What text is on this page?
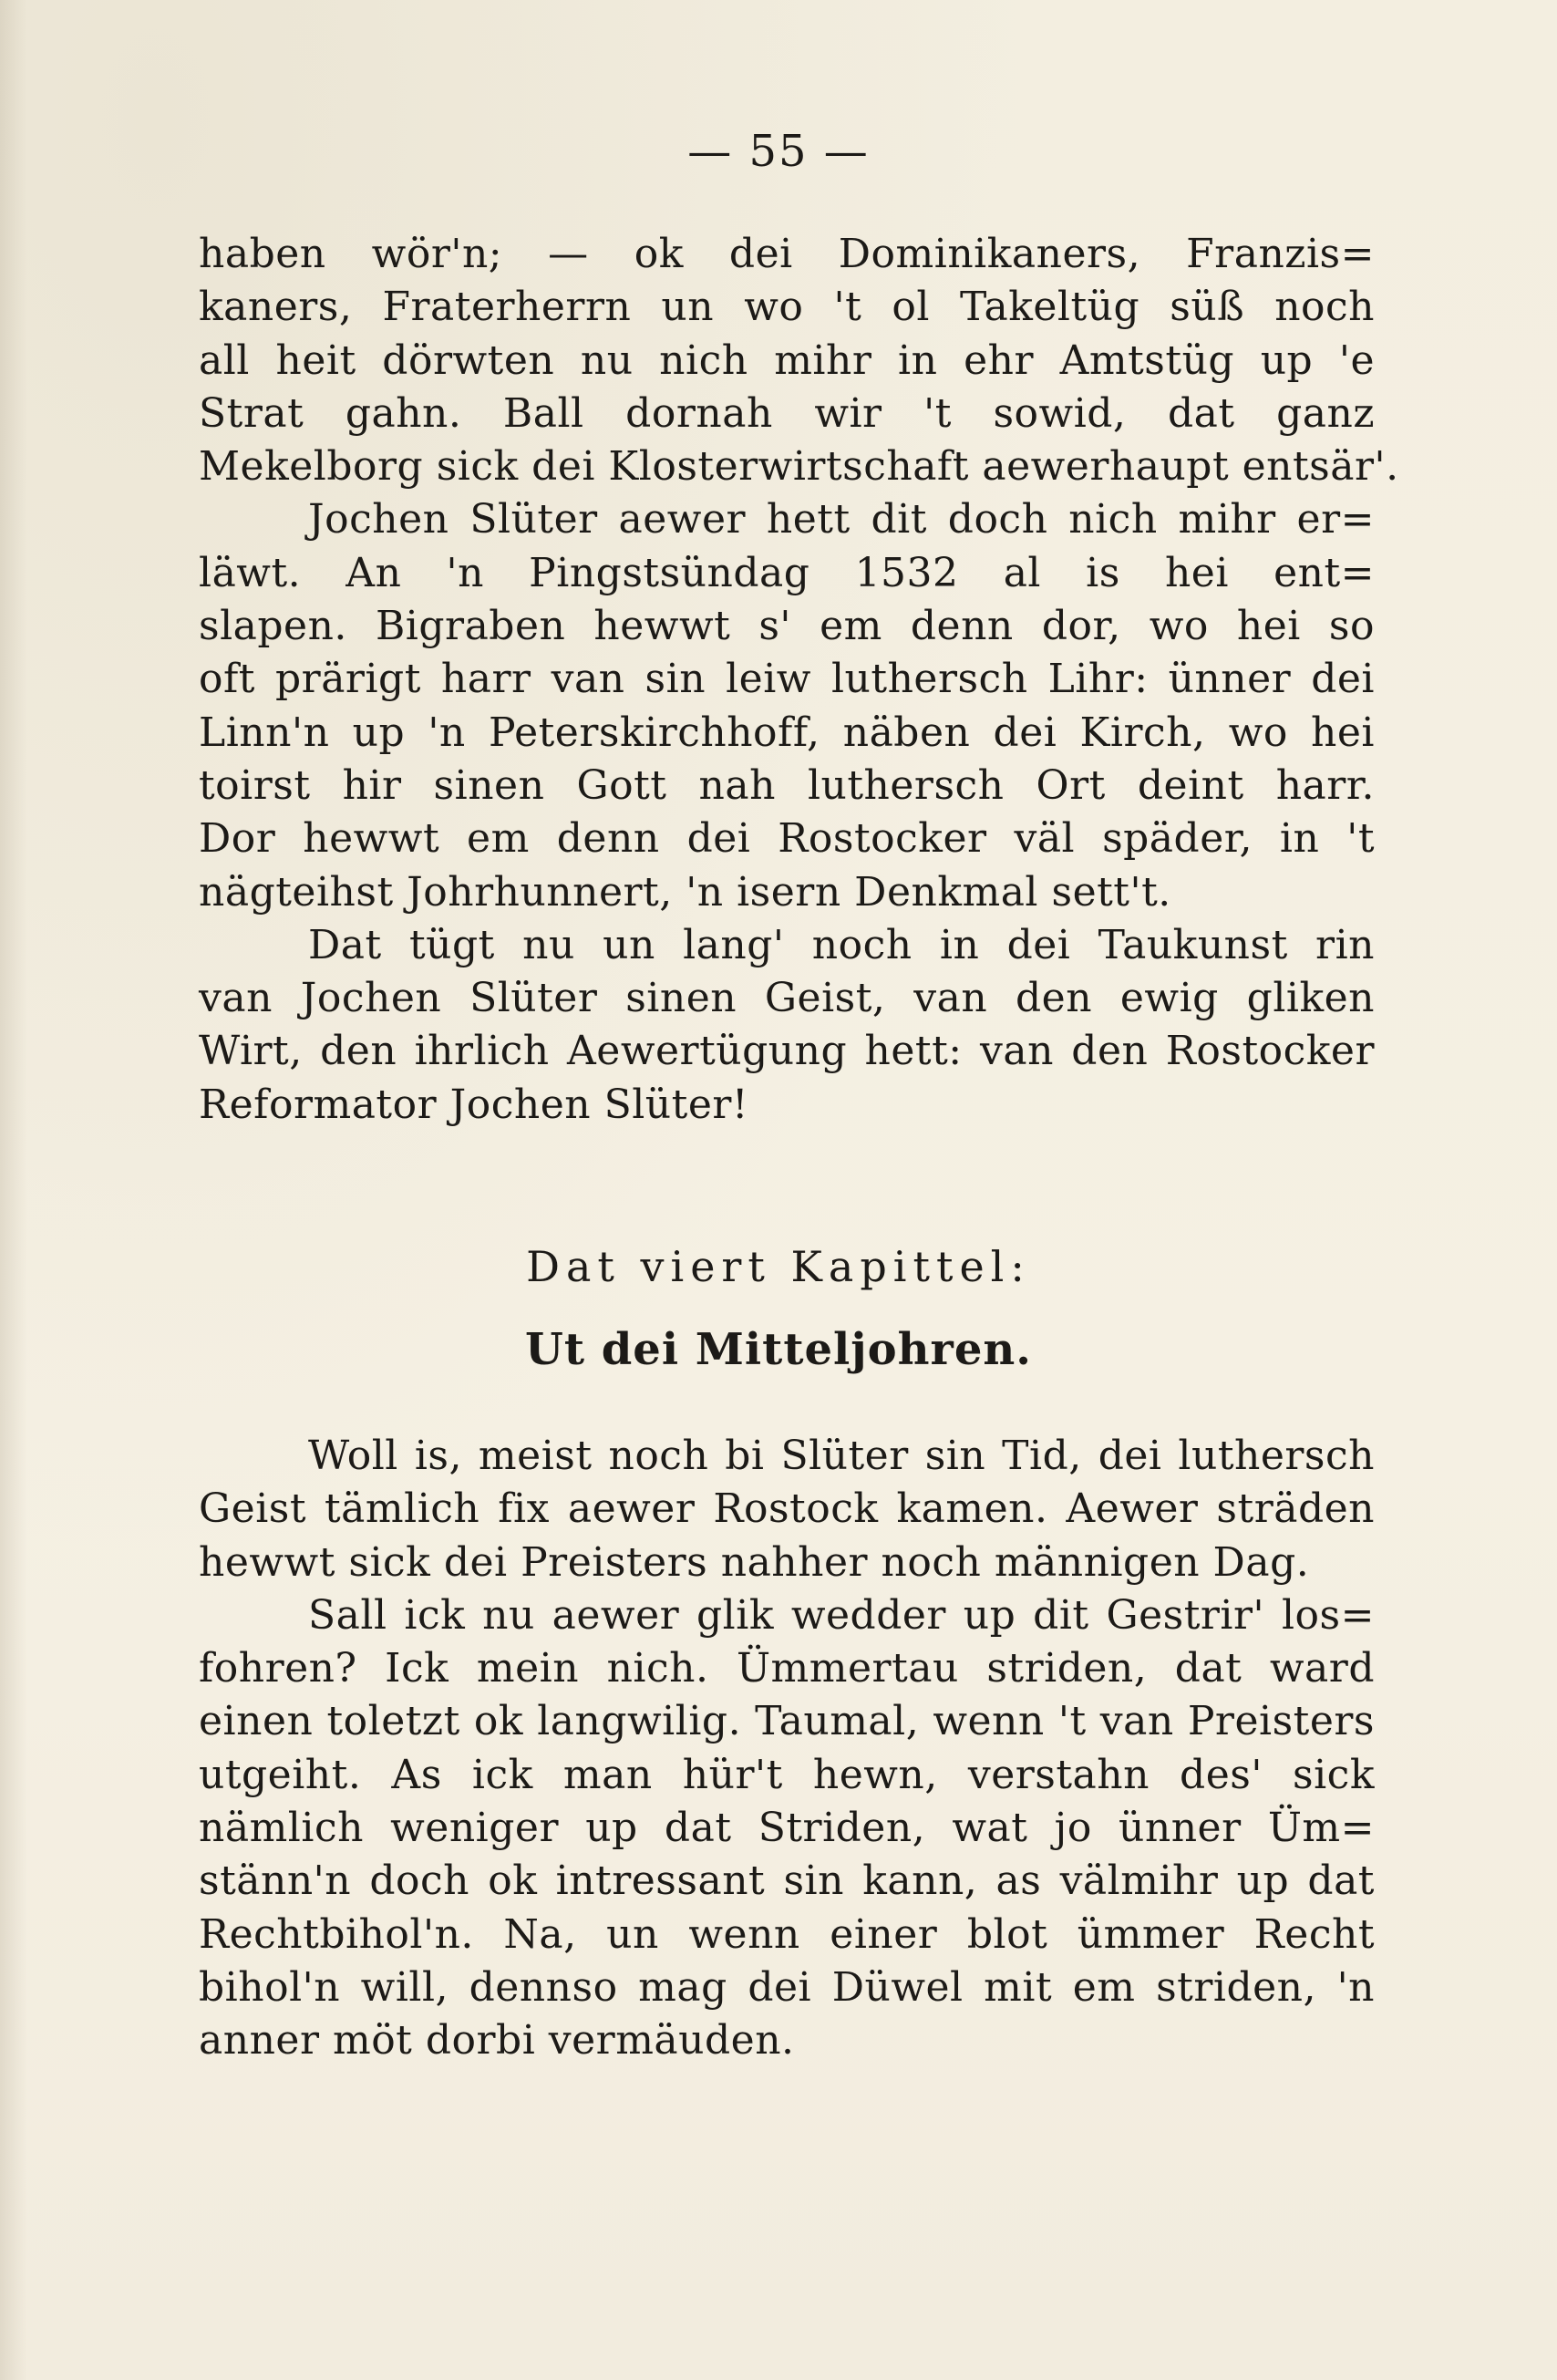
— 55 —
haben wör'n; — ok dei Dominikaners, Franzis=
kaners, Fraterherrn un wo 't ol Takeltüg süß noch
all heit dörwten nu nich mihr in ehr Amtstüg up 'e
Strat gahn. Ball dornah wir 't sowid, dat ganz
Mekelborg sick dei Klosterwirtschaft aewerhaupt entsär'.
Jochen Slüter aewer hett dit doch nich mihr er=
läwt. An 'n Pingstsündag 1532 al is hei ent=
slapen. Bigraben hewwt s' em denn dor, wo hei so
oft prärigt harr van sin leiw luthersch Lihr: ünner dei
Linn'n up 'n Peterskirchhoff, näben dei Kirch, wo hei
toirst hir sinen Gott nah luthersch Ort deint harr.
Dor hewwt em denn dei Rostocker väl späder, in 't
nägteihst Johrhunnert, 'n isern Denkmal sett't.
Dat tügt nu un lang' noch in dei Taukunst rin
van Jochen Slüter sinen Geist, van den ewig gliken
Wirt, den ihrlich Aewertügung hett: van den Rostocker
Reformator Jochen Slüter!
Dat viert Kapittel:
Ut dei Mitteljohren.
Woll is, meist noch bi Slüter sin Tid, dei luthersch
Geist tämlich fix aewer Rostock kamen. Aewer sträden
hewwt sick dei Preisters nahher noch männigen Dag.
Sall ick nu aewer glik wedder up dit Gestrir' los=
fohren? Ick mein nich. Ümmertau striden, dat ward
einen toletzt ok langwilig. Taumal, wenn 't van Preisters
utgeiht. As ick man hür't hewn, verstahn des' sick
nämlich weniger up dat Striden, wat jo ünner Üm=
stänn'n doch ok intressant sin kann, as välmihr up dat
Rechtbihol'n. Na, un wenn einer blot ümmer Recht
bihol'n will, dennso mag dei Düwel mit em striden, 'n
anner möt dorbi vermäuden.
